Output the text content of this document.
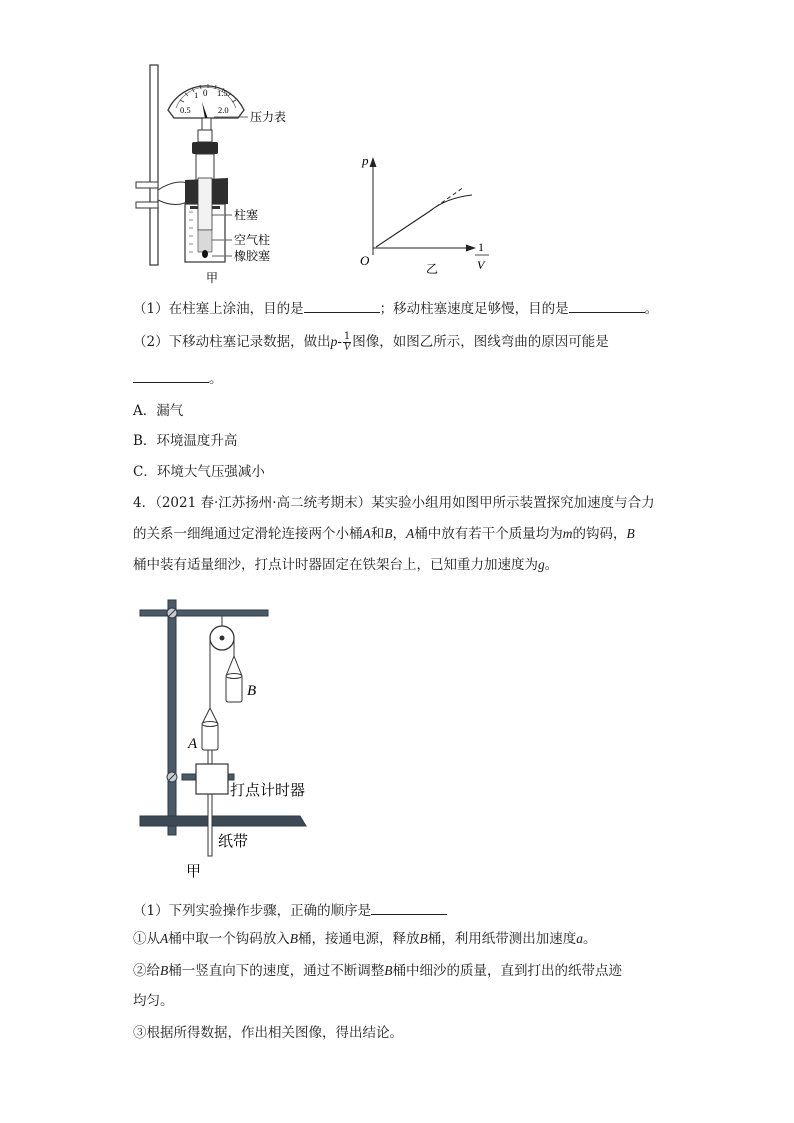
0
0.5
1 1.5
2.0 压力表
柱塞
空气柱
橡胶塞
甲
p
O
1
V
乙
（1）在柱塞上涂油，目的是	；移动柱塞速度足够慢，目的是	。
（2）下移动柱塞记录数据，做出$p- \frac{1}{V}$ 图像，如图乙所示，图线弯曲的原因可能是
。
A．漏气
B．环境温度升高
C．环境大气压强减小
4．（2021 春·江苏扬州·高二统考期末）某实验小组用如图甲所示装置探究加速度与合力
的关系一细绳通过定滑轮连接两个小桶A和B，A桶中放有若干个质量均为m的钩码，B
桶中装有适量细沙，打点计时器固定在铁架台上，已知重力加速度为g。
B
A
打点计时器
纸带
甲
（1）下列实验操作步骤，正确的顺序是
①从A桶中取一个钩码放入B桶，接通电源，释放B桶，利用纸带测出加速度a。
②给B桶一竖直向下的速度，通过不断调整B桶中细沙的质量，直到打出的纸带点迹
均匀。
③根据所得数据，作出相关图像，得出结论。
